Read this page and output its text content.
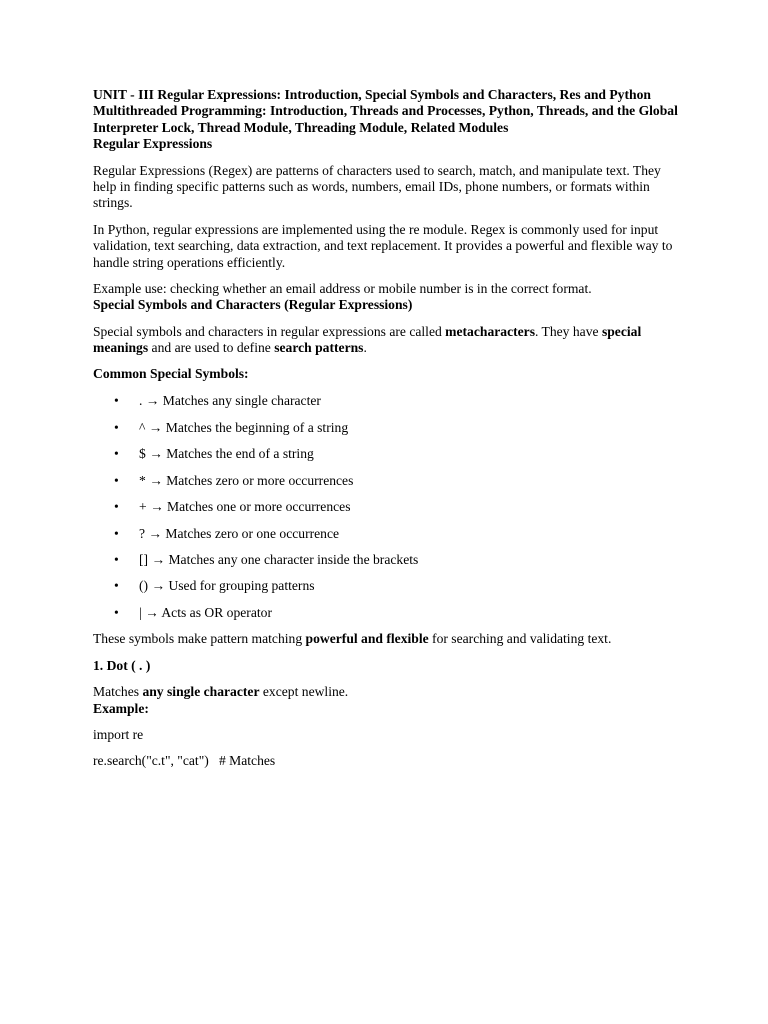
UNIT - III Regular Expressions: Introduction, Special Symbols and Characters, Res and Python Multithreaded Programming: Introduction, Threads and Processes, Python, Threads, and the Global Interpreter Lock, Thread Module, Threading Module, Related Modules

Regular Expressions

Regular Expressions (Regex) are patterns of characters used to search, match, and manipulate text. They help in finding specific patterns such as words, numbers, email IDs, phone numbers, or formats within strings.

In Python, regular expressions are implemented using the re module. Regex is commonly used for input validation, text searching, data extraction, and text replacement. It provides a powerful and flexible way to handle string operations efficiently.

Example use: checking whether an email address or mobile number is in the correct format.

Special Symbols and Characters (Regular Expressions)

Special symbols and characters in regular expressions are called metacharacters. They have special meanings and are used to define search patterns.

Common Special Symbols:

• . → Matches any single character
• ^ → Matches the beginning of a string
• $ → Matches the end of a string
• * → Matches zero or more occurrences
• + → Matches one or more occurrences
• ? → Matches zero or one occurrence
• [] → Matches any one character inside the brackets
• () → Used for grouping patterns
• | → Acts as OR operator

These symbols make pattern matching powerful and flexible for searching and validating text.

1. Dot ( . )

Matches any single character except newline.
Example:

import re

re.search("c.t", "cat")   # Matches
